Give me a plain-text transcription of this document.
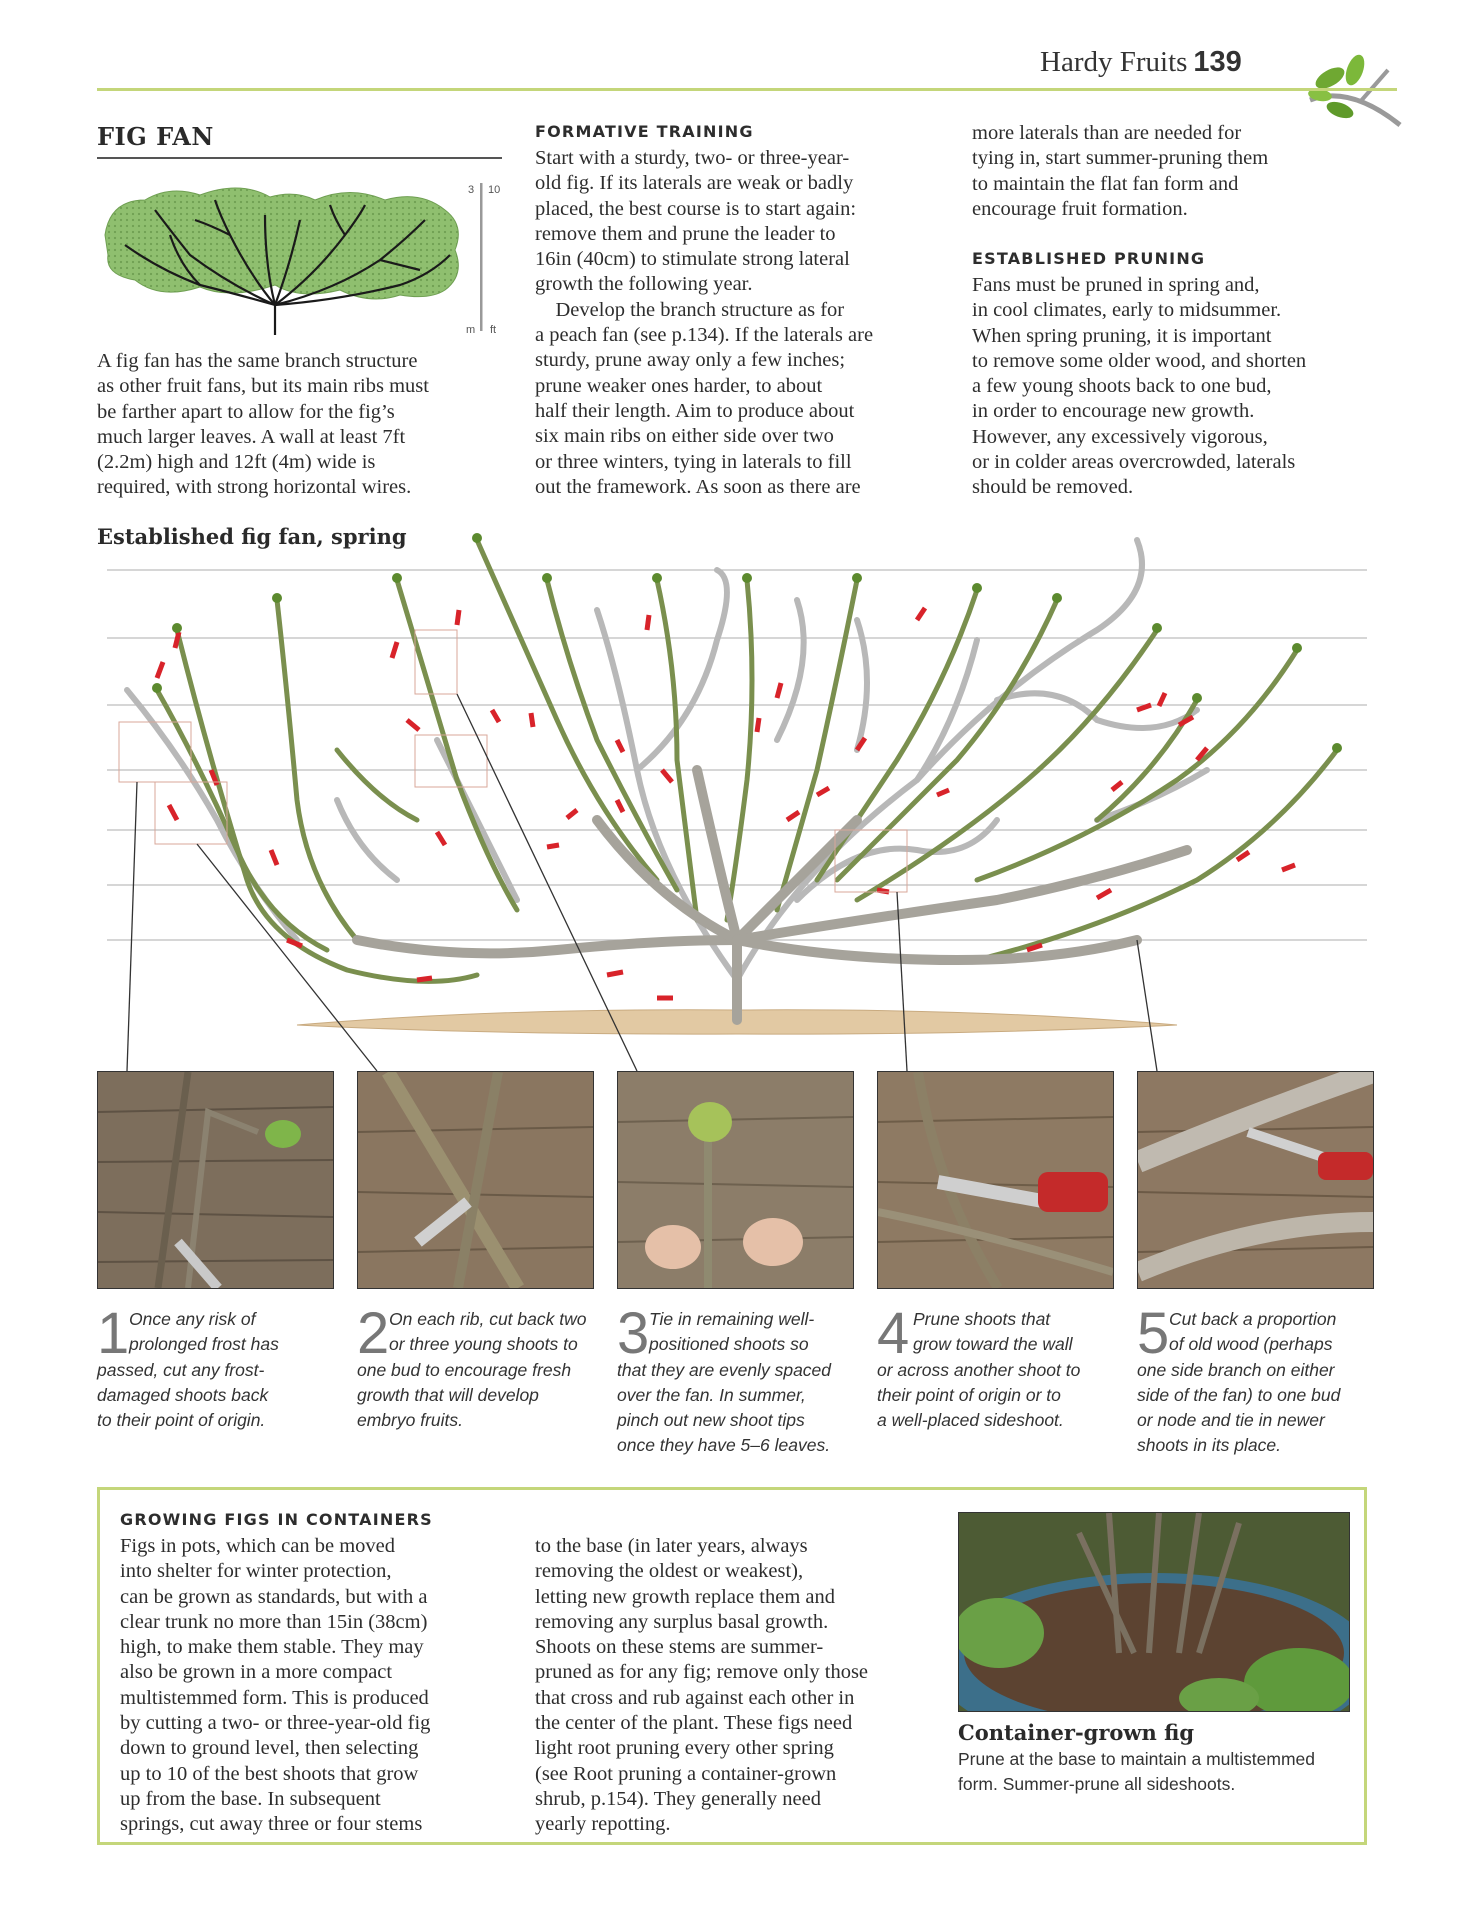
Hardy Fruits 139
FIG FAN
3 10
m ft
A fig fan has the same branch structure
as other fruit fans, but its main ribs must
be farther apart to allow for the fig’s
much larger leaves. A wall at least 7ft
(2.2m) high and 12ft (4m) wide is
required, with strong horizontal wires.
FORMATIVE TRAINING
Start with a sturdy, two- or three-year-
old fig. If its laterals are weak or badly
placed, the best course is to start again:
remove them and prune the leader to
16in (40cm) to stimulate strong lateral
growth the following year.
Develop the branch structure as for
a peach fan (see p.134). If the laterals are
sturdy, prune away only a few inches;
prune weaker ones harder, to about
half their length. Aim to produce about
six main ribs on either side over two
or three winters, tying in laterals to fill
out the framework. As soon as there are
more laterals than are needed for
tying in, start summer-pruning them
to maintain the flat fan form and
encourage fruit formation.
ESTABLISHED PRUNING
Fans must be pruned in spring and,
in cool climates, early to midsummer.
When spring pruning, it is important
to remove some older wood, and shorten
a few young shoots back to one bud,
in order to encourage new growth.
However, any excessively vigorous,
or in colder areas overcrowded, laterals
should be removed.
Established fig fan, spring
1 Once any risk of
prolonged frost has
passed, cut any frost-
damaged shoots back
to their point of origin.
2 On each rib, cut back two
or three young shoots to
one bud to encourage fresh
growth that will develop
embryo fruits.
3 Tie in remaining well-
positioned shoots so
that they are evenly spaced
over the fan. In summer,
pinch out new shoot tips
once they have 5–6 leaves.
4 Prune shoots that
grow toward the wall
or across another shoot to
their point of origin or to
a well-placed sideshoot.
5 Cut back a proportion
of old wood (perhaps
one side branch on either
side of the fan) to one bud
or node and tie in newer
shoots in its place.
GROWING FIGS IN CONTAINERS
Figs in pots, which can be moved
into shelter for winter protection,
can be grown as standards, but with a
clear trunk no more than 15in (38cm)
high, to make them stable. They may
also be grown in a more compact
multistemmed form. This is produced
by cutting a two- or three-year-old fig
down to ground level, then selecting
up to 10 of the best shoots that grow
up from the base. In subsequent
springs, cut away three or four stems
to the base (in later years, always
removing the oldest or weakest),
letting new growth replace them and
removing any surplus basal growth.
Shoots on these stems are summer-
pruned as for any fig; remove only those
that cross and rub against each other in
the center of the plant. These figs need
light root pruning every other spring
(see Root pruning a container-grown
shrub, p.154). They generally need
yearly repotting.
Container-grown fig
Prune at the base to maintain a multistemmed
form. Summer-prune all sideshoots.
